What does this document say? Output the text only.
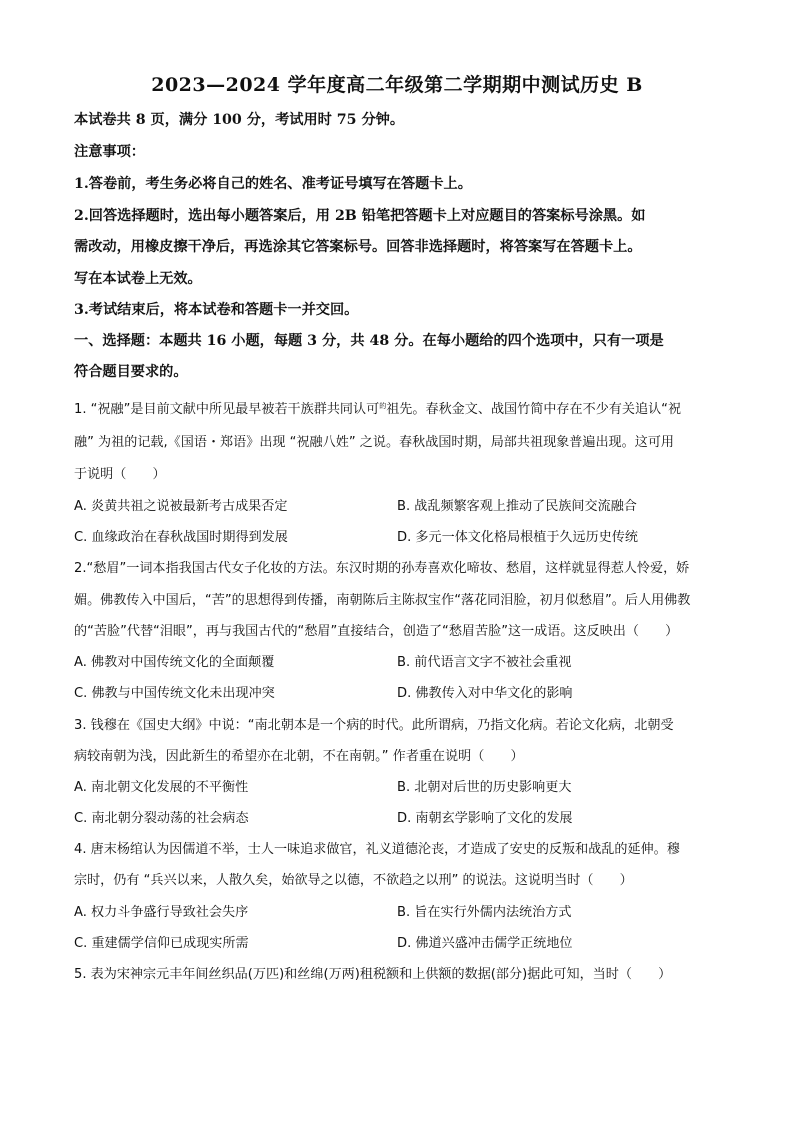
2023—2024 学年度高二年级第二学期期中测试历史 B
本试卷共 8 页，满分 100 分，考试用时 75 分钟。
注意事项：
1.答卷前，考生务必将自己的姓名、准考证号填写在答题卡上。
2.回答选择题时，选出每小题答案后，用 2B 铅笔把答题卡上对应题目的答案标号涂黑。如
需改动，用橡皮擦干净后，再选涂其它答案标号。回答非选择题时，将答案写在答题卡上。
写在本试卷上无效。
3.考试结束后，将本试卷和答题卡一并交回。
一、选择题：本题共 16 小题，每题 3 分，共 48 分。在每小题给的四个选项中，只有一项是
符合题目要求的。
1. “祝融”是目前文献中所见最早被若干族群共同认可$^的$祖先。春秋金文、战国竹简中存在不少有关追认“祝
融” 为祖的记载,《国语・郑语》出现 “祝融八姓” 之说。春秋战国时期，局部共祖现象普遍出现。这可用
于说明（　　）
A. 炎黄共祖之说被最新考古成果否定	B. 战乱频繁客观上推动了民族间交流融合
C. 血缘政治在春秋战国时期得到发展	D. 多元一体文化格局根植于久远历史传统
2.“愁眉”一词本指我国古代女子化妆的方法。东汉时期的孙寿喜欢化啼妆、愁眉，这样就显得惹人怜爱，娇
媚。佛教传入中国后，“苦”的思想得到传播，南朝陈后主陈叔宝作“落花同泪脸，初月似愁眉”。后人用佛教
的“苦脸”代替“泪眼”，再与我国古代的“愁眉”直接结合，创造了“愁眉苦脸”这一成语。这反映出（　　）
A. 佛教对中国传统文化的全面颠覆	B. 前代语言文字不被社会重视
C. 佛教与中国传统文化未出现冲突	D. 佛教传入对中华文化的影响
3. 钱穆在《国史大纲》中说：“南北朝本是一个病的时代。此所谓病，乃指文化病。若论文化病，北朝受
病较南朝为浅，因此新生的希望亦在北朝，不在南朝。” 作者重在说明（　　）
A. 南北朝文化发展的不平衡性	B. 北朝对后世的历史影响更大
C. 南北朝分裂动荡的社会病态	D. 南朝玄学影响了文化的发展
4. 唐末杨绾认为因儒道不举，士人一味追求做官，礼义道德沦丧，才造成了安史的反叛和战乱的延伸。穆
宗时，仍有 “兵兴以来，人散久矣，始欲导之以德，不欲趋之以刑” 的说法。这说明当时（　　）
A. 权力斗争盛行导致社会失序	B. 旨在实行外儒内法统治方式
C. 重建儒学信仰已成现实所需	D. 佛道兴盛冲击儒学正统地位
5. 表为宋神宗元丰年间丝织品(万匹)和丝绵(万两)租税额和上供额的数据(部分)据此可知，当时（　　）
